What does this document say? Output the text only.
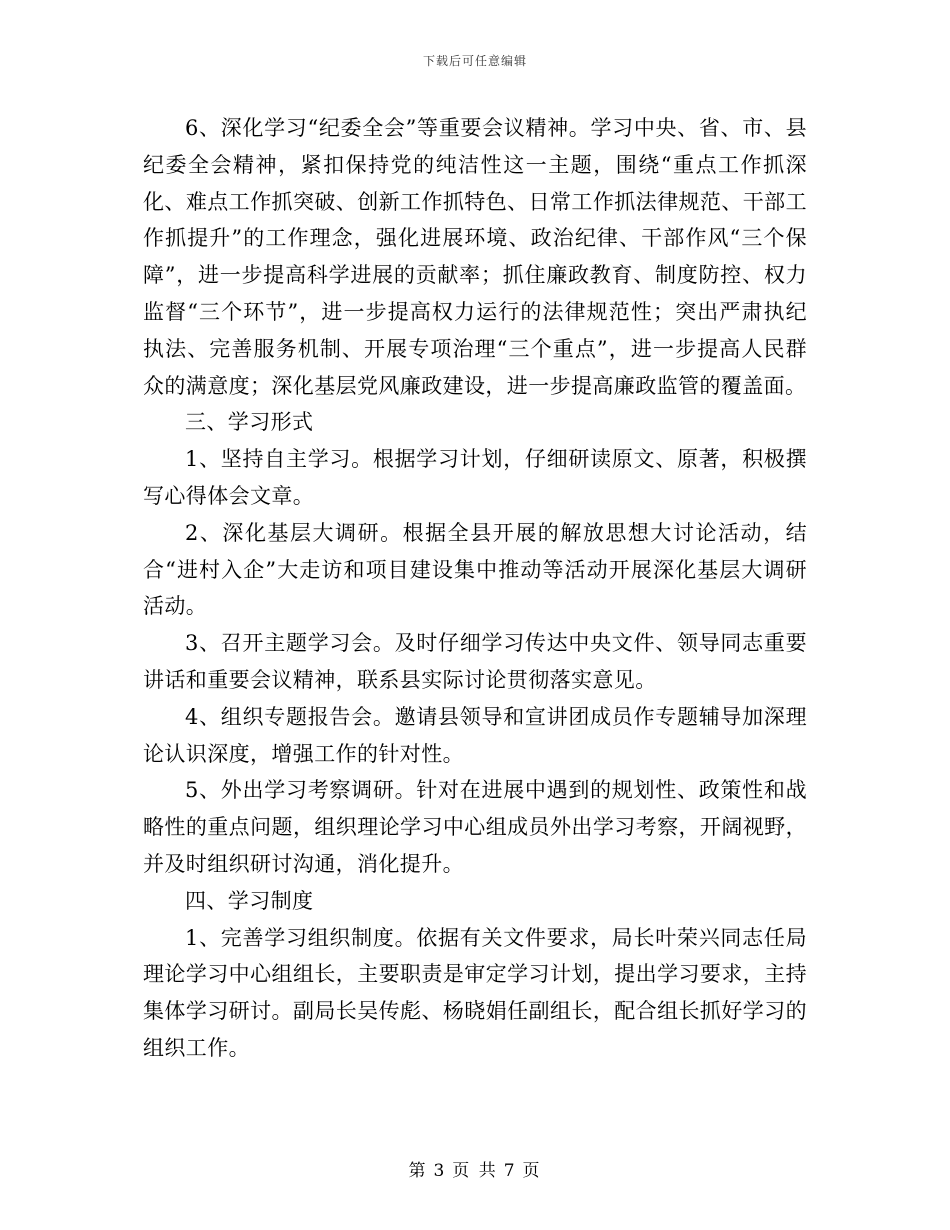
下载后可任意编辑

6、深化学习“纪委全会”等重要会议精神。学习中央、省、市、县纪委全会精神，紧扣保持党的纯洁性这一主题，围绕“重点工作抓深化、难点工作抓突破、创新工作抓特色、日常工作抓法律规范、干部工作抓提升”的工作理念，强化进展环境、政治纪律、干部作风“三个保障”，进一步提高科学进展的贡献率；抓住廉政教育、制度防控、权力监督“三个环节”，进一步提高权力运行的法律规范性；突出严肃执纪执法、完善服务机制、开展专项治理“三个重点”，进一步提高人民群众的满意度；深化基层党风廉政建设，进一步提高廉政监管的覆盖面。

三、学习形式

1、坚持自主学习。根据学习计划，仔细研读原文、原著，积极撰写心得体会文章。

2、深化基层大调研。根据全县开展的解放思想大讨论活动，结合“进村入企”大走访和项目建设集中推动等活动开展深化基层大调研活动。

3、召开主题学习会。及时仔细学习传达中央文件、领导同志重要讲话和重要会议精神，联系县实际讨论贯彻落实意见。

4、组织专题报告会。邀请县领导和宣讲团成员作专题辅导加深理论认识深度，增强工作的针对性。

5、外出学习考察调研。针对在进展中遇到的规划性、政策性和战略性的重点问题，组织理论学习中心组成员外出学习考察，开阔视野，并及时组织研讨沟通，消化提升。

四、学习制度

1、完善学习组织制度。依据有关文件要求，局长叶荣兴同志任局理论学习中心组组长，主要职责是审定学习计划，提出学习要求，主持集体学习研讨。副局长吴传彪、杨晓娟任副组长，配合组长抓好学习的组织工作。

第 3 页 共 7 页
